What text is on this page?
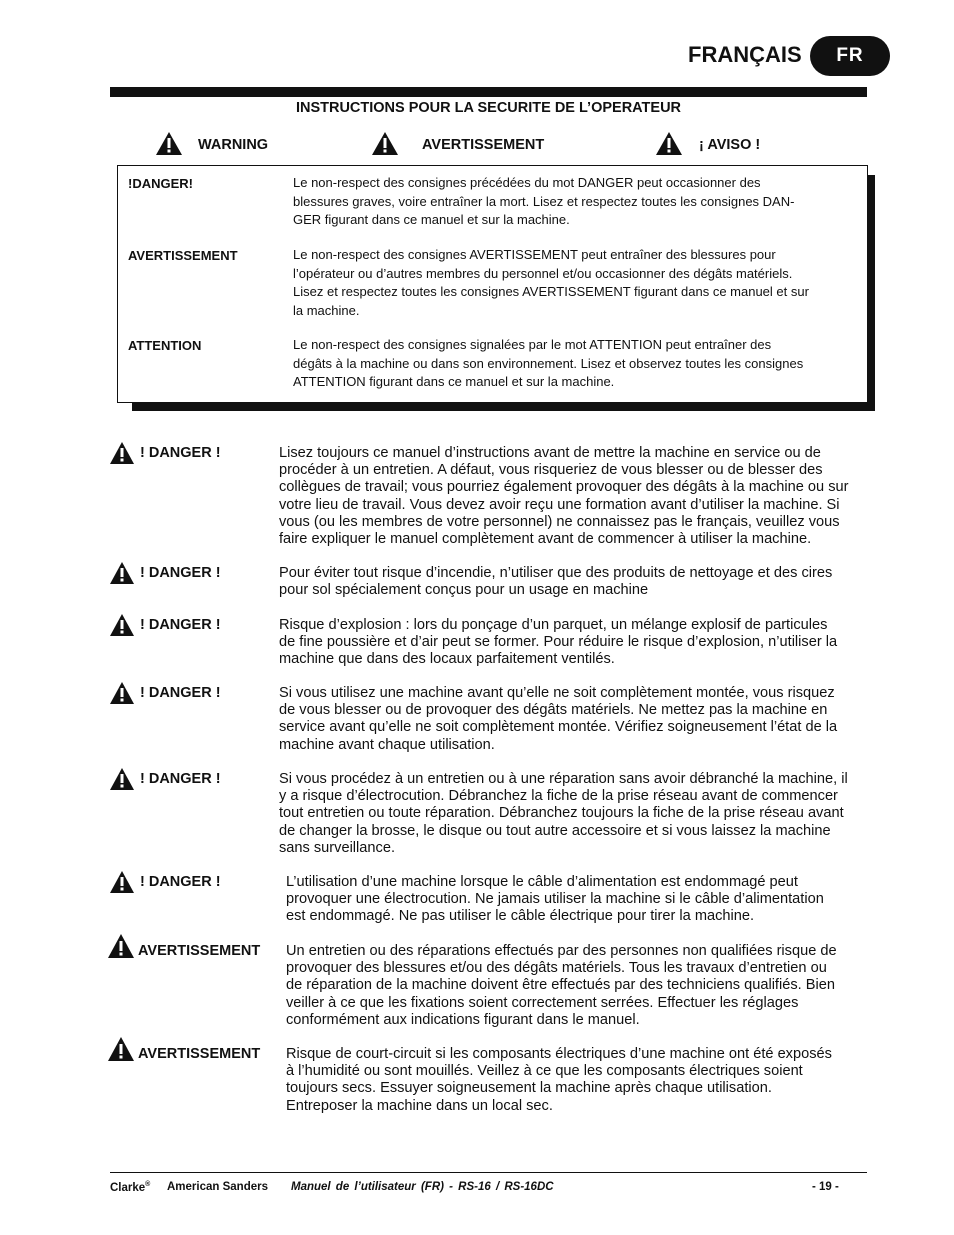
FRANÇAIS	FR
INSTRUCTIONS POUR LA SECURITE DE L’OPERATEUR
WARNING	AVERTISSEMENT	¡ AVISO !
!DANGER!	Le non-respect des consignes précédées du mot DANGER peut occasionner des
blessures graves, voire entraîner la mort. Lisez et respectez toutes les consignes DAN-
GER figurant dans ce manuel et sur la machine.
AVERTISSEMENT	Le non-respect des consignes AVERTISSEMENT peut entraîner des blessures pour
l’opérateur ou d’autres membres du personnel et/ou occasionner des dégâts matériels.
Lisez et respectez toutes les consignes AVERTISSEMENT figurant dans ce manuel et sur
la machine.
ATTENTION	Le non-respect des consignes signalées par le mot ATTENTION peut entraîner des
dégâts à la machine ou dans son environnement. Lisez et observez toutes les consignes
ATTENTION figurant dans ce manuel et sur la machine.
! DANGER !	Lisez toujours ce manuel d’instructions avant de mettre la machine en service ou de
procéder à un entretien. A défaut, vous risqueriez de vous blesser ou de blesser des
collègues de travail; vous pourriez également provoquer des dégâts à la machine ou sur
votre lieu de travail. Vous devez avoir reçu une formation avant d’utiliser la machine. Si
vous (ou les membres de votre personnel) ne connaissez pas le français, veuillez vous
faire expliquer le manuel complètement avant de commencer à utiliser la machine.
! DANGER !	Pour éviter tout risque d’incendie, n’utiliser que des produits de nettoyage et des cires
pour sol spécialement conçus pour un usage en machine
! DANGER !	Risque d’explosion : lors du ponçage d’un parquet, un mélange explosif de particules
de fine poussière et d’air peut se former. Pour réduire le risque d’explosion, n’utiliser la
machine que dans des locaux parfaitement ventilés.
! DANGER !	Si vous utilisez une machine avant qu’elle ne soit complètement montée, vous risquez
de vous blesser ou de provoquer des dégâts matériels. Ne mettez pas la machine en
service avant qu’elle ne soit complètement montée. Vérifiez soigneusement l’état de la
machine avant chaque utilisation.
! DANGER !	Si vous procédez à un entretien ou à une réparation sans avoir débranché la machine, il
y a risque d’électrocution. Débranchez la fiche de la prise réseau avant de commencer
tout entretien ou toute réparation. Débranchez toujours la fiche de la prise réseau avant
de changer la brosse, le disque ou tout autre accessoire et si vous laissez la machine
sans surveillance.
! DANGER !	L’utilisation d’une machine lorsque le câble d’alimentation est endommagé peut
provoquer une électrocution. Ne jamais utiliser la machine si le câble d’alimentation
est endommagé. Ne pas utiliser le câble électrique pour tirer la machine.
AVERTISSEMENT Un entretien ou des réparations effectués par des personnes non qualifiées risque de
provoquer des blessures et/ou des dégâts matériels. Tous les travaux d’entretien ou
de réparation de la machine doivent être effectués par des techniciens qualifiés. Bien
veiller à ce que les fixations soient correctement serrées. Effectuer les réglages
conformément aux indications figurant dans le manuel.
AVERTISSEMENT Risque de court-circuit si les composants électriques d’une machine ont été exposés
à l’humidité ou sont mouillés. Veillez à ce que les composants électriques soient
toujours secs. Essuyer soigneusement la machine après chaque utilisation.
Entreposer la machine dans un local sec.
Clarke® American Sanders Manuel de l’utilisateur (FR) - RS-16 / RS-16DC	- 19 -
